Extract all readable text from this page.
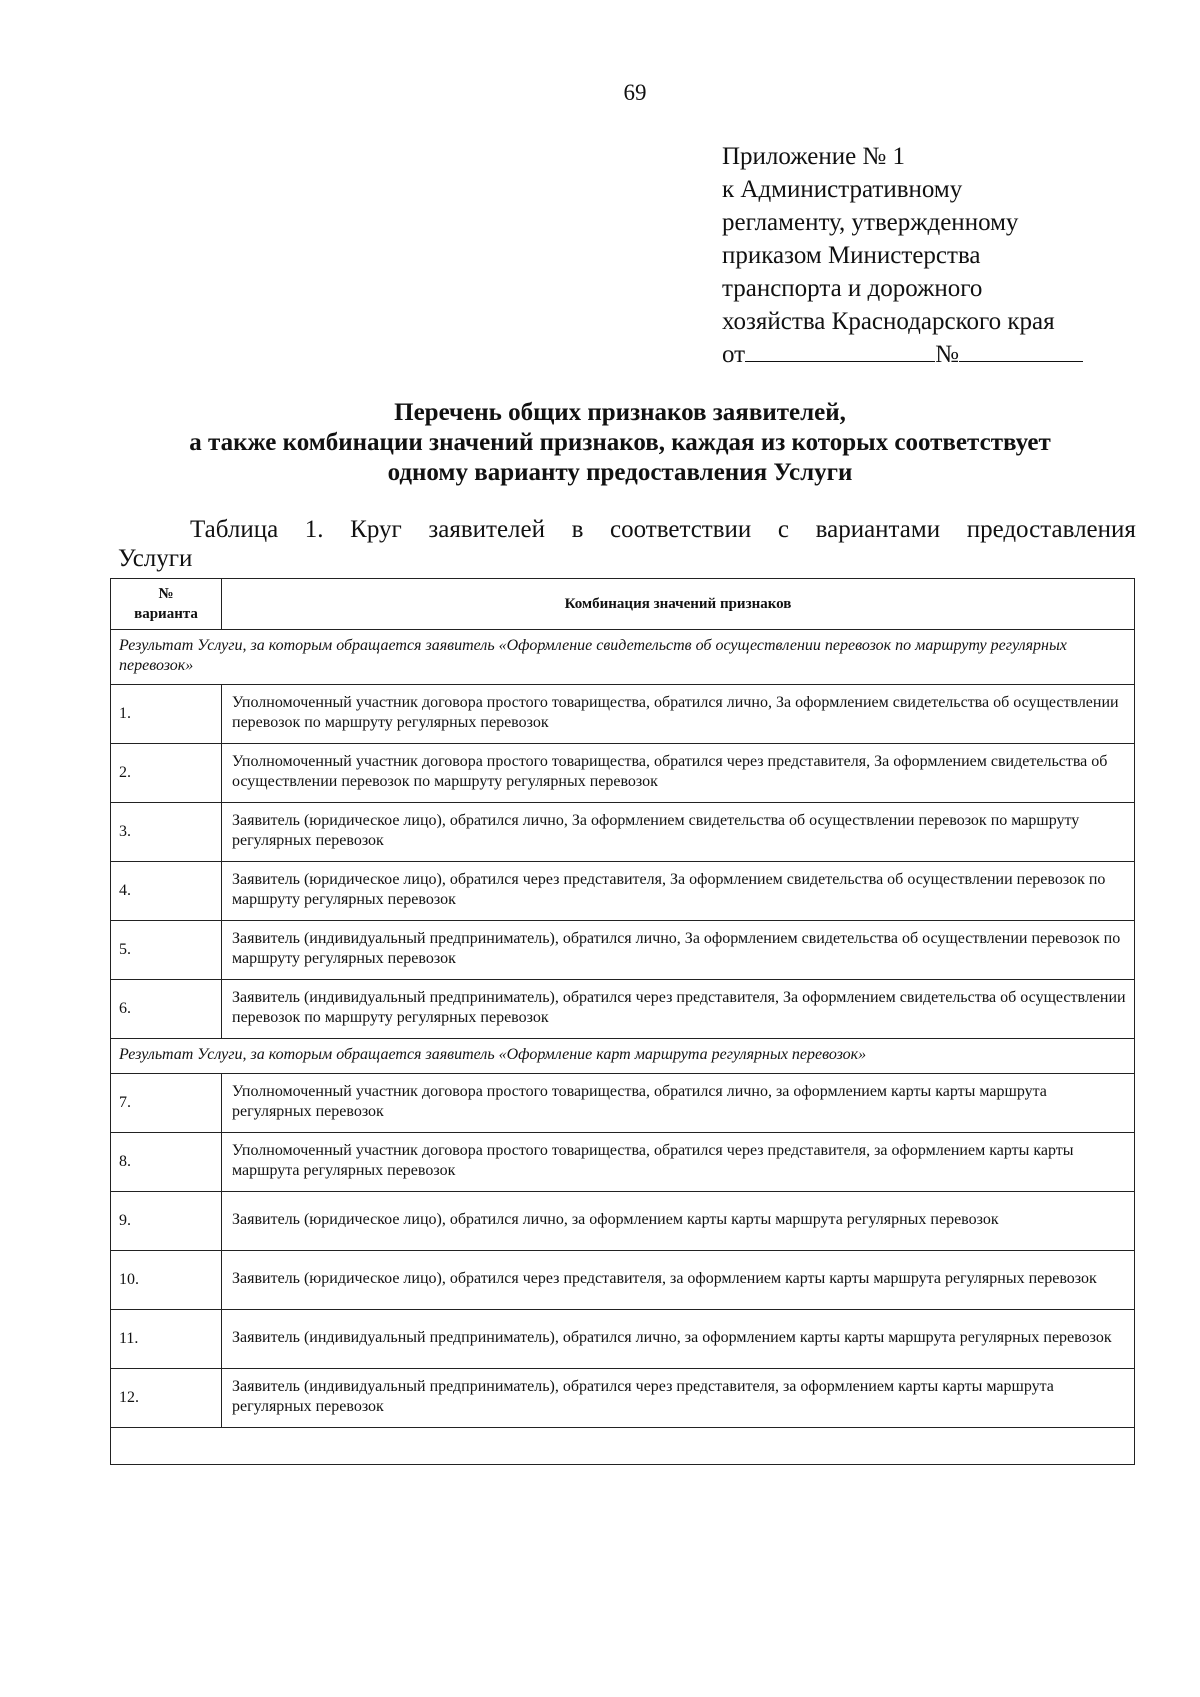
69
Приложение № 1
к Административному
регламенту, утвержденному
приказом Министерства
транспорта и дорожного
хозяйства Краснодарского края
от	№
Перечень общих признаков заявителей,
а также комбинации значений признаков, каждая из которых соответствует
одному варианту предоставления Услуги
Таблица 1. Круг заявителей в соответствии с вариантами предоставления
Услуги
№
варианта	Комбинация значений признаков
Результат Услуги, за которым обращается заявитель «Оформление свидетельств об осуществлении перевозок по маршруту регулярных перевозок»	
1.	Уполномоченный участник договора простого товарищества, обратился лично, За оформлением свидетельства об осуществлении перевозок по маршруту регулярных перевозок
2.	Уполномоченный участник договора простого товарищества, обратился через представителя, За оформлением свидетельства об осуществлении перевозок по маршруту регулярных перевозок
3.	Заявитель (юридическое лицо), обратился лично, За оформлением свидетельства об осуществлении перевозок по маршруту регулярных перевозок
4.	Заявитель (юридическое лицо), обратился через представителя, За оформлением свидетельства об осуществлении перевозок по маршруту регулярных перевозок
5.	Заявитель (индивидуальный предприниматель), обратился лично, За оформлением свидетельства об осуществлении перевозок по маршруту регулярных перевозок
6.	Заявитель (индивидуальный предприниматель), обратился через представителя, За оформлением свидетельства об осуществлении перевозок по маршруту регулярных перевозок
Результат Услуги, за которым обращается заявитель «Оформление карт маршрута регулярных перевозок»	
7.	Уполномоченный участник договора простого товарищества, обратился лично, за оформлением карты карты маршрута регулярных перевозок
8.	Уполномоченный участник договора простого товарищества, обратился через представителя, за оформлением карты карты маршрута регулярных перевозок
9.	Заявитель (юридическое лицо), обратился лично, за оформлением карты карты маршрута регулярных перевозок
10.	Заявитель (юридическое лицо), обратился через представителя, за оформлением карты карты маршрута регулярных перевозок
11.	Заявитель (индивидуальный предприниматель), обратился лично, за оформлением карты карты маршрута регулярных перевозок
12.	Заявитель (индивидуальный предприниматель), обратился через представителя, за оформлением карты карты маршрута регулярных перевозок
